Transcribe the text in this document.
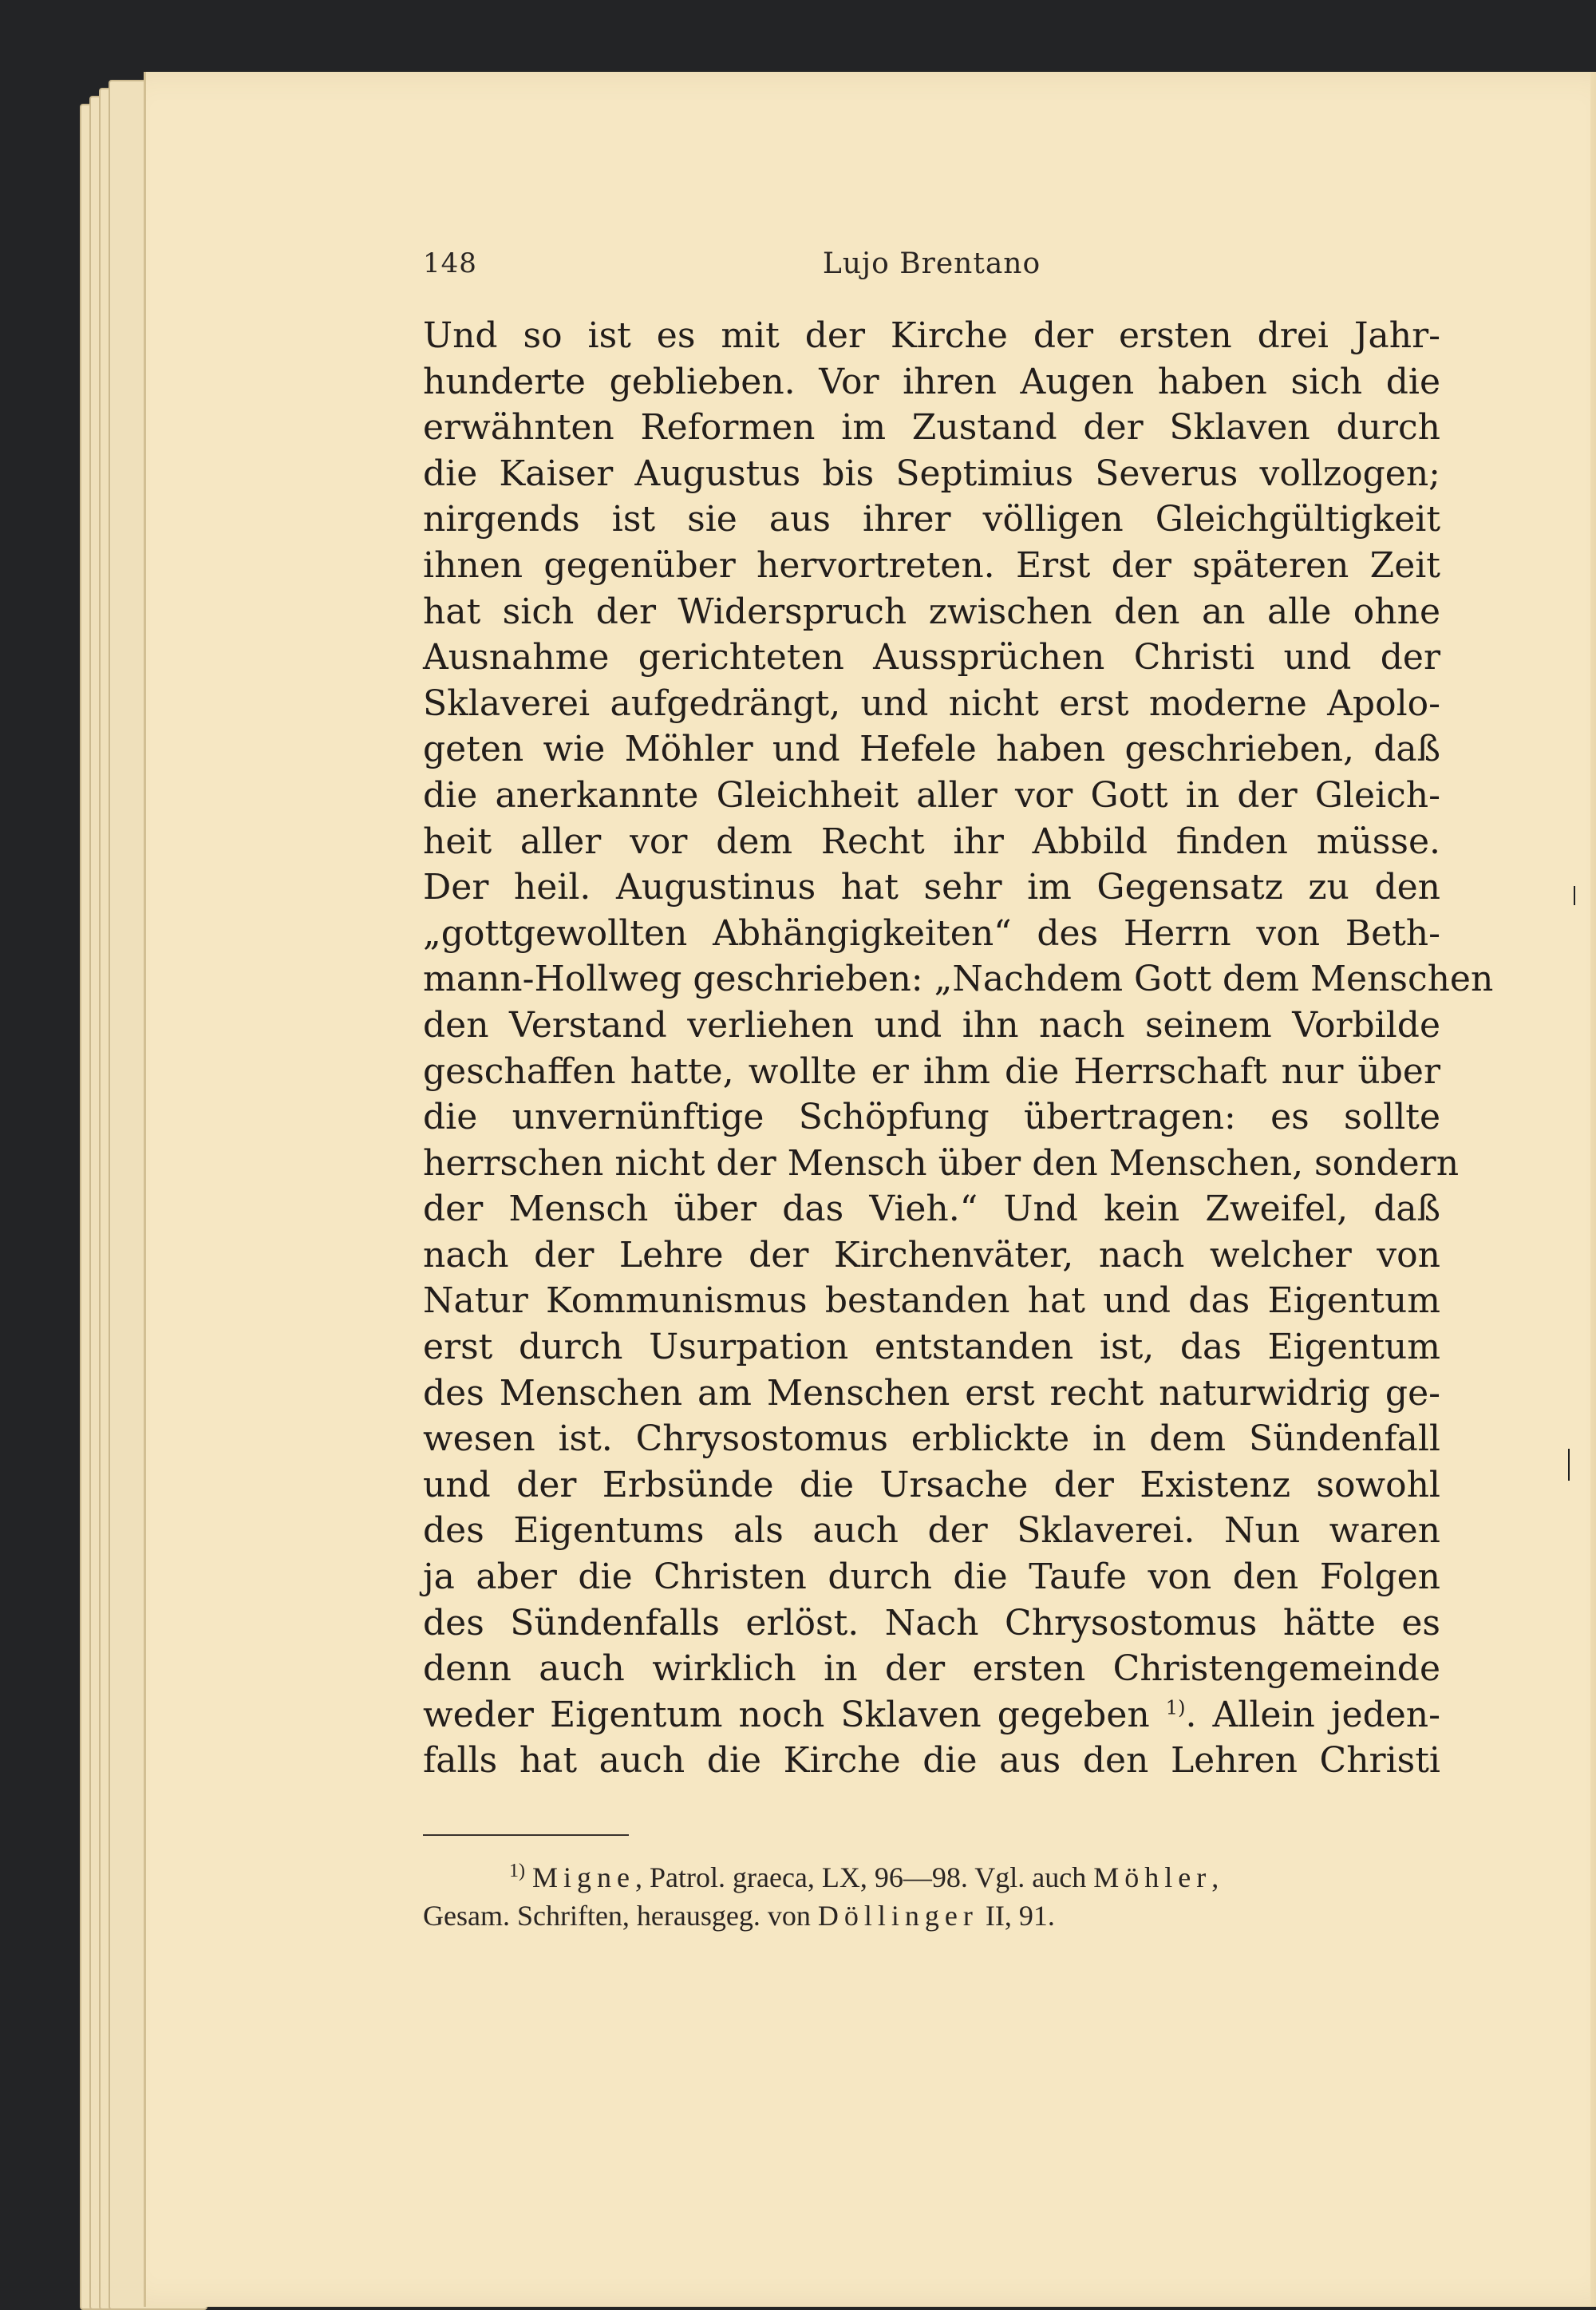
148	Lujo Brentano
Und so ist es mit der Kirche der ersten drei Jahr-
hunderte geblieben. Vor ihren Augen haben sich die
erwähnten Reformen im Zustand der Sklaven durch
die Kaiser Augustus bis Septimius Severus vollzogen;
nirgends ist sie aus ihrer völligen Gleichgültigkeit
ihnen gegenüber hervortreten. Erst der späteren Zeit
hat sich der Widerspruch zwischen den an alle ohne
Ausnahme gerichteten Aussprüchen Christi und der
Sklaverei aufgedrängt, und nicht erst moderne Apolo-
geten wie Möhler und Hefele haben geschrieben, daß
die anerkannte Gleichheit aller vor Gott in der Gleich-
heit aller vor dem Recht ihr Abbild finden müsse.
Der heil. Augustinus hat sehr im Gegensatz zu den
„gottgewollten Abhängigkeiten“ des Herrn von Beth-
mann-Hollweg geschrieben: „Nachdem Gott dem Menschen
den Verstand verliehen und ihn nach seinem Vorbilde
geschaffen hatte, wollte er ihm die Herrschaft nur über
die unvernünftige Schöpfung übertragen: es sollte
herrschen nicht der Mensch über den Menschen, sondern
der Mensch über das Vieh.“ Und kein Zweifel, daß
nach der Lehre der Kirchenväter, nach welcher von
Natur Kommunismus bestanden hat und das Eigentum
erst durch Usurpation entstanden ist, das Eigentum
des Menschen am Menschen erst recht naturwidrig ge-
wesen ist. Chrysostomus erblickte in dem Sündenfall
und der Erbsünde die Ursache der Existenz sowohl
des Eigentums als auch der Sklaverei. Nun waren
ja aber die Christen durch die Taufe von den Folgen
des Sündenfalls erlöst. Nach Chrysostomus hätte es
denn auch wirklich in der ersten Christengemeinde
weder Eigentum noch Sklaven gegeben $^{1)}$. Allein jeden-
falls hat auch die Kirche die aus den Lehren Christi
$^{1)}$ Migne, Patrol. graeca, LX, 96—98. Vgl. auch Möhler,
Gesam. Schriften, herausgeg. von Döllinger II, 91.
